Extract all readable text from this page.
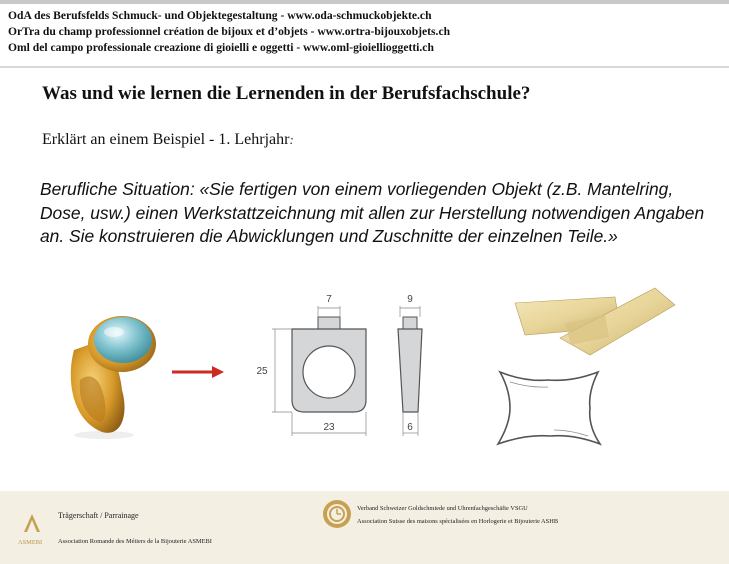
OdA des Berufsfelds Schmuck- und Objektegestaltung - www.oda-schmuckobjekte.ch
OrTra du champ professionnel création de bijoux et d’objets - www.ortra-bijouxobjets.ch
Oml del campo professionale creazione di gioielli e oggetti - www.oml-gioiellioggetti.ch
Was und wie lernen die Lernenden in der Berufsfachschule?
Erklärt an einem Beispiel - 1. Lehrjahr:
Berufliche Situation: «Sie fertigen von einem vorliegenden Objekt (z.B. Mantelring, Dose, usw.) einen Werkstattzeichnung mit allen zur Herstellung notwendigen Angaben an. Sie konstruieren die Abwicklungen und Zuschnitte der einzelnen Teile.»
7	9
25
23	6
ASMEBI
Trägerschaft / Parrainage
Association Romande des Métiers de la Bijouterie ASMEBI
Verband Schweizer Goldschmiede und Uhrenfachgeschäfte VSGU
Association Suisse des maisons spécialisées en Horlogerie et Bijouterie ASHB
